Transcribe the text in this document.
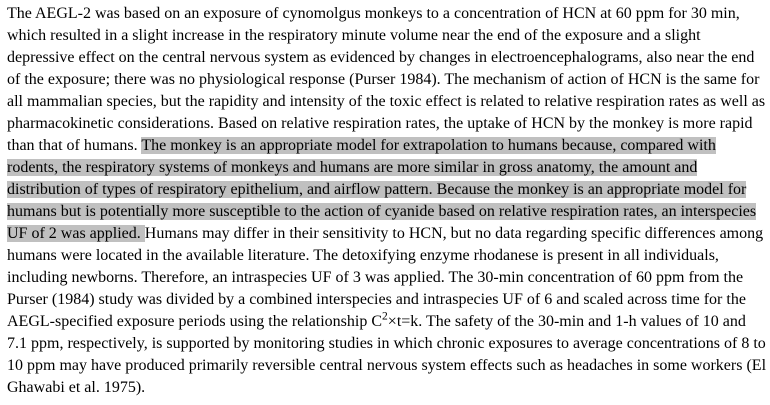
The AEGL-2 was based on an exposure of cynomolgus monkeys to a concentration of HCN at 60 ppm for 30 min, which resulted in a slight increase in the respiratory minute volume near the end of the exposure and a slight depressive effect on the central nervous system as evidenced by changes in electroencephalograms, also near the end of the exposure; there was no physiological response (Purser 1984). The mechanism of action of HCN is the same for all mammalian species, but the rapidity and intensity of the toxic effect is related to relative respiration rates as well as pharmacokinetic considerations. Based on relative respiration rates, the uptake of HCN by the monkey is more rapid than that of humans. The monkey is an appropriate model for extrapolation to humans because, compared with rodents, the respiratory systems of monkeys and humans are more similar in gross anatomy, the amount and distribution of types of respiratory epithelium, and airflow pattern. Because the monkey is an appropriate model for humans but is potentially more susceptible to the action of cyanide based on relative respiration rates, an interspecies UF of 2 was applied. Humans may differ in their sensitivity to HCN, but no data regarding specific differences among humans were located in the available literature. The detoxifying enzyme rhodanese is present in all individuals, including newborns. Therefore, an intraspecies UF of 3 was applied. The 30-min concentration of 60 ppm from the Purser (1984) study was divided by a combined interspecies and intraspecies UF of 6 and scaled across time for the AEGL-specified exposure periods using the relationship $C^2\times t=k$. The safety of the 30-min and 1-h values of 10 and 7.1 ppm, respectively, is supported by monitoring studies in which chronic exposures to average concentrations of 8 to 10 ppm may have produced primarily reversible central nervous system effects such as headaches in some workers (El Ghawabi et al. 1975).
